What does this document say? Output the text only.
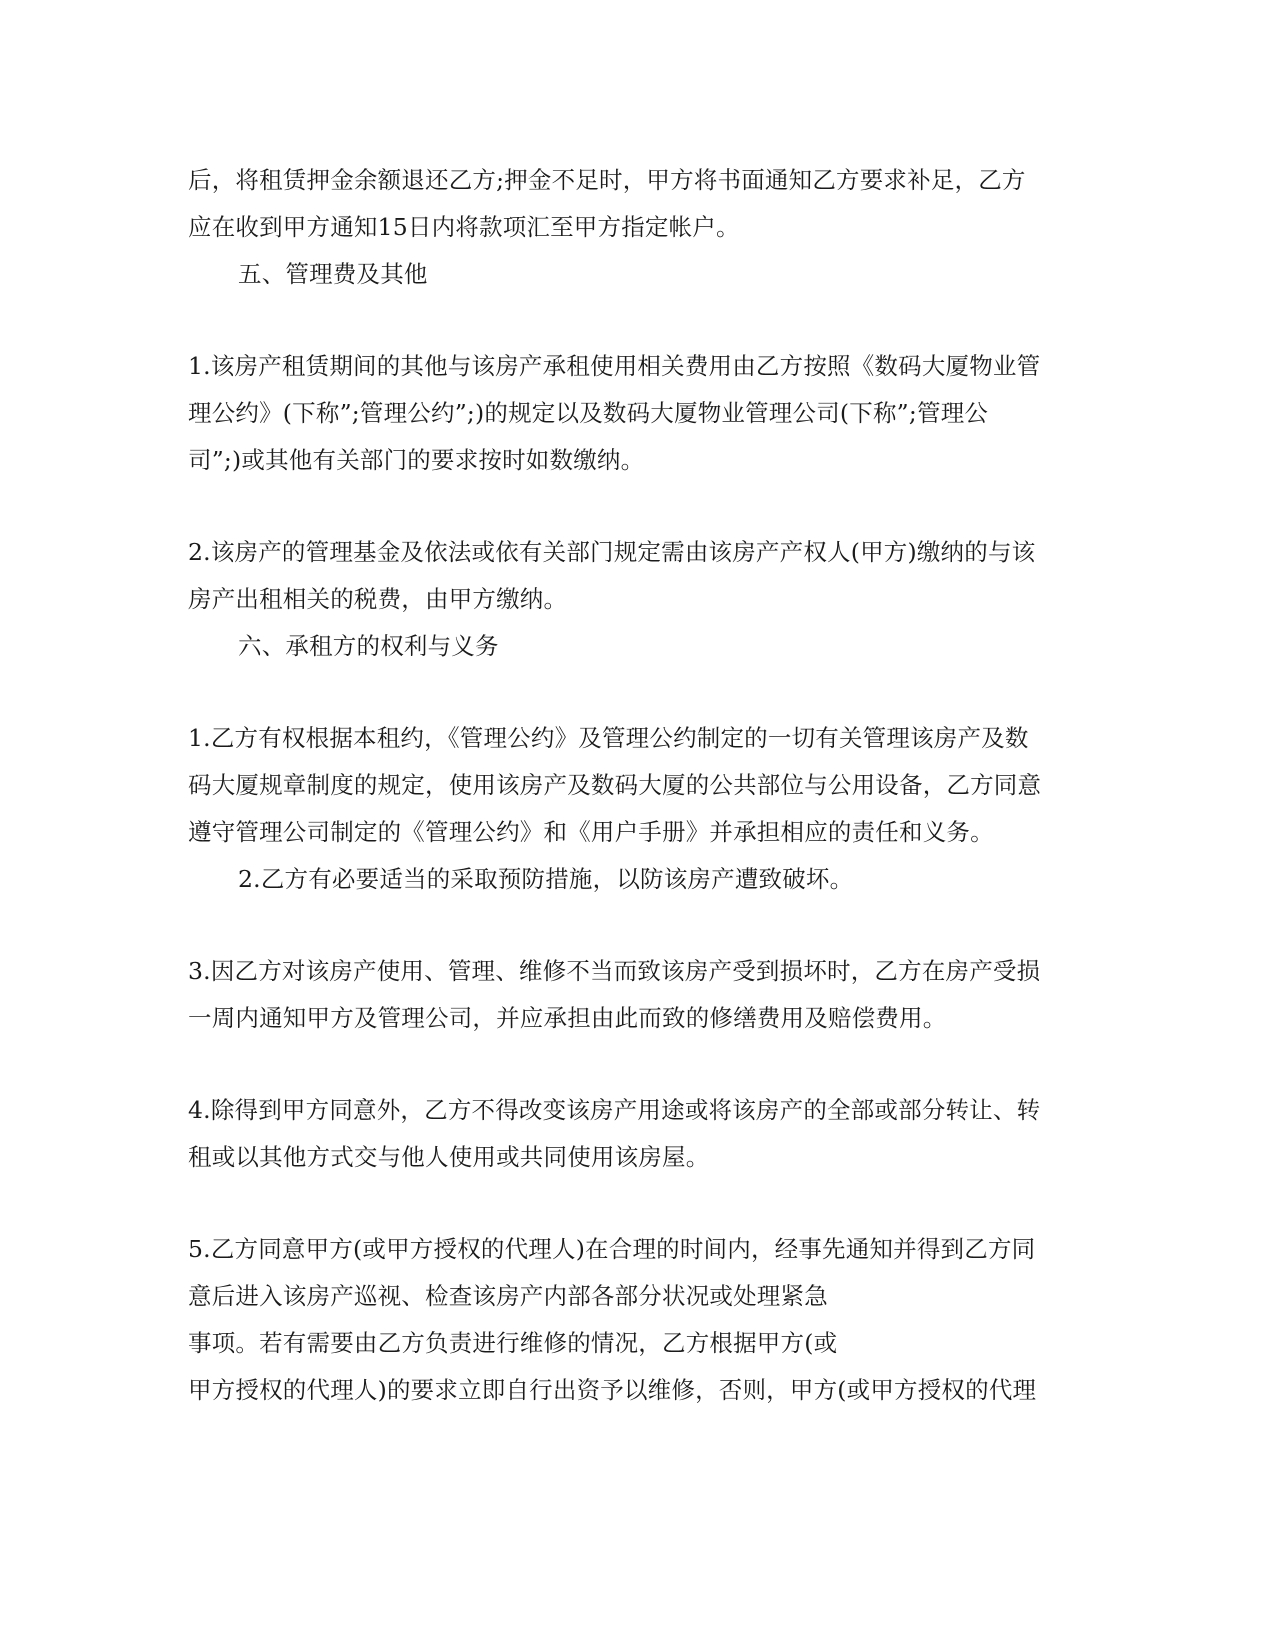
后，将租赁押金余额退还乙方;押金不足时，甲方将书面通知乙方要求补足，乙方
应在收到甲方通知15日内将款项汇至甲方指定帐户。
五、管理费及其他
1.该房产租赁期间的其他与该房产承租使用相关费用由乙方按照《数码大厦物业管
理公约》(下称”;管理公约”;)的规定以及数码大厦物业管理公司(下称”;管理公
司”;)或其他有关部门的要求按时如数缴纳。
2.该房产的管理基金及依法或依有关部门规定需由该房产产权人(甲方)缴纳的与该
房产出租相关的税费，由甲方缴纳。
六、承租方的权利与义务
1.乙方有权根据本租约，《管理公约》及管理公约制定的一切有关管理该房产及数
码大厦规章制度的规定，使用该房产及数码大厦的公共部位与公用设备，乙方同意
遵守管理公司制定的《管理公约》和《用户手册》并承担相应的责任和义务。
2.乙方有必要适当的采取预防措施，以防该房产遭致破坏。
3.因乙方对该房产使用、管理、维修不当而致该房产受到损坏时，乙方在房产受损
一周内通知甲方及管理公司，并应承担由此而致的修缮费用及赔偿费用。
4.除得到甲方同意外，乙方不得改变该房产用途或将该房产的全部或部分转让、转
租或以其他方式交与他人使用或共同使用该房屋。
5.乙方同意甲方(或甲方授权的代理人)在合理的时间内，经事先通知并得到乙方同
意后进入该房产巡视、检查该房产内部各部分状况或处理紧急
事项。若有需要由乙方负责进行维修的情况，乙方根据甲方(或
甲方授权的代理人)的要求立即自行出资予以维修，否则，甲方(或甲方授权的代理
